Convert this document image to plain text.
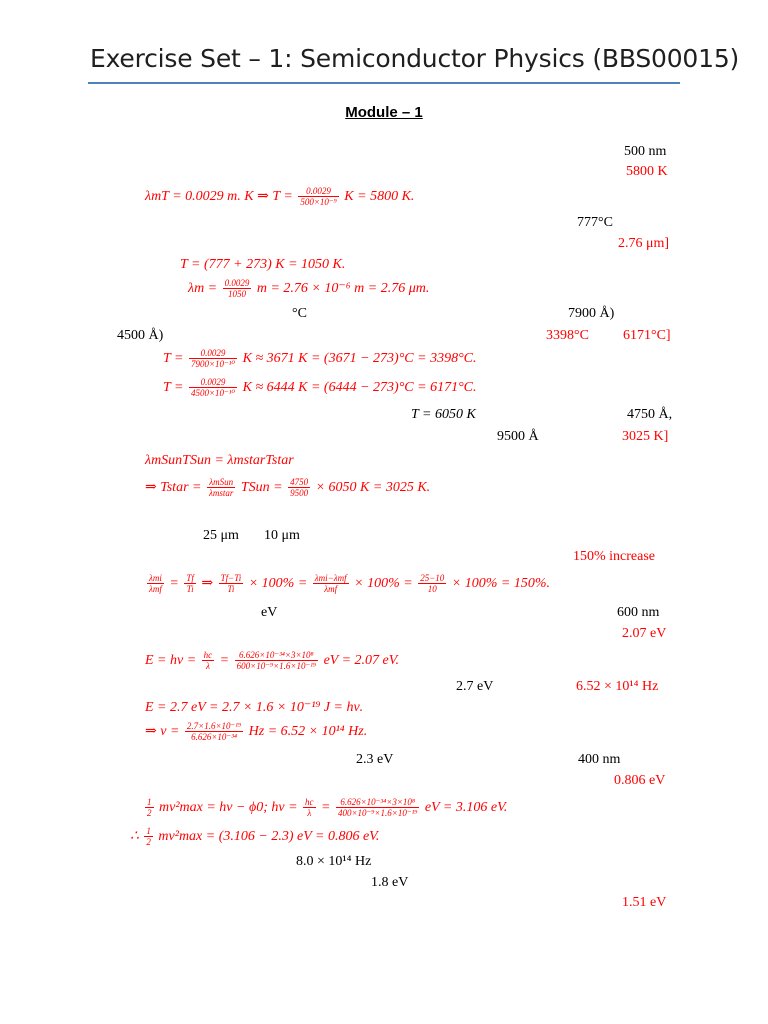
Exercise Set – 1: Semiconductor Physics (BBS00015)
Module – 1
500 nm
5800 K
λmT = 0.0029 m. K ⇒ $T = \frac{0.0029}{\text{500×10⁻⁹}}$ K = 5800 K.
777°C
2.76 μm]
T = (777 + 273) K = 1050 K.
$\lambda m = \frac{0.0029}{1050}$ m = 2.76 × 10⁻⁶ m = 2.76 μm.
°C	7900 Å)
4500 Å)	3398°C 6171°C]
$T = \frac{0.0029}{\text{7900×10⁻¹⁰}}$ K ≈ 3671 K = (3671 − 273)°C = 3398°C.
$T = \frac{0.0029}{\text{4500×10⁻¹⁰}}$ K ≈ 6444 K = (6444 − 273)°C = 6171°C.
T = 6050 K	4750 Å,
9500 Å	3025 K]
λmSunTSun = λmstarTstar
⇒ Tstar = $\frac{\text{λmSun}}{\text{λmstar}}$ TSun = $\frac{4750}{9500} \times 6050$ K = 3025 K.
25 μm 10 μm
150% increase
$\frac{\text{λmi}}{\text{λmf}} = \frac{Tf}{Ti}$ ⇒ $\frac{Tf-Ti}{Ti} \times 100\% = \frac{\text{λmi−λmf}}{\text{λmf}} \times 100\% = \frac{25-10}{10} \times 100\% = 150\%$.
eV	600 nm
2.07 eV
$E = h\nu = \frac{hc}{\lambda} = \frac{\text{6.626×10⁻³⁴×3×10⁸}}{\text{600×10⁻⁹×1.6×10⁻¹⁹}}$ eV = 2.07 eV.
2.7 eV	6.52 × 10¹⁴ Hz
E = 2.7 eV = 2.7 × 1.6 × 10⁻¹⁹ J = hν.
⇒ $\nu = \frac{\text{2.7×1.6×10⁻¹⁹}}{\text{6.626×10⁻³⁴}}$ Hz = 6.52 × 10¹⁴ Hz.
2.3 eV	400 nm
0.806 eV
$\frac{1}{2} mv^2\max = h\nu - \phi 0$; $h\nu = \frac{hc}{\lambda} = \frac{\text{6.626×10⁻³⁴×3×10⁸}}{\text{400×10⁻⁹×1.6×10⁻¹⁹}}$ eV = 3.106 eV.
∴ $\frac{1}{2} mv^2\max = (3.106 - 2.3)$ eV = 0.806 eV.
8.0 × 10¹⁴ Hz
1.8 eV
1.51 eV
